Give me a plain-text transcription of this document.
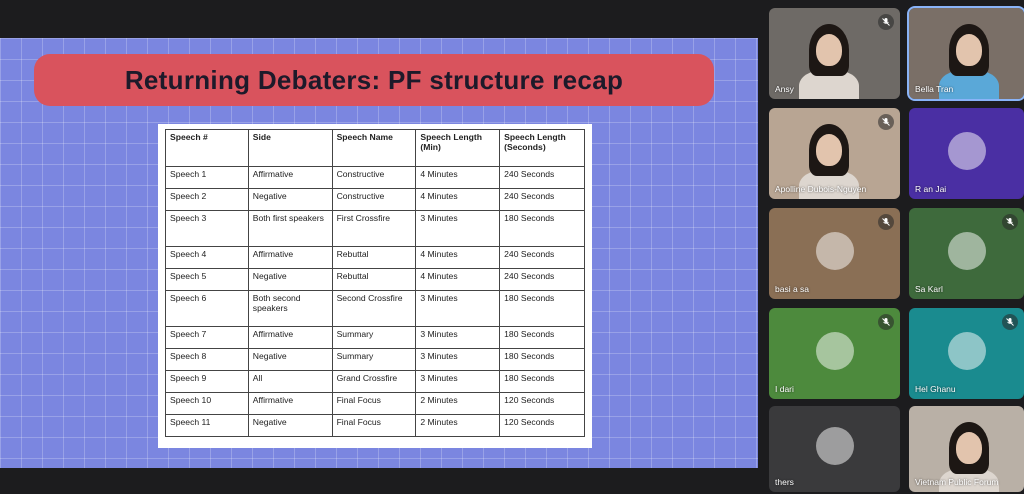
Returning Debaters: PF structure recap
Speech #	Side	Speech Name	Speech Length (Min)	Speech Length (Seconds)
Speech 1	Affirmative	Constructive	4 Minutes	240 Seconds
Speech 2	Negative	Constructive	4 Minutes	240 Seconds
Speech 3	Both first speakers	First Crossfire	3 Minutes	180 Seconds
Speech 4	Affirmative	Rebuttal	4 Minutes	240 Seconds
Speech 5	Negative	Rebuttal	4 Minutes	240 Seconds
Speech 6	Both second speakers	Second Crossfire	3 Minutes	180 Seconds
Speech 7	Affirmative	Summary	3 Minutes	180 Seconds
Speech 8	Negative	Summary	3 Minutes	180 Seconds
Speech 9	All	Grand Crossfire	3 Minutes	180 Seconds
Speech 10	Affirmative	Final Focus	2 Minutes	120 Seconds
Speech 11	Negative	Final Focus	2 Minutes	120 Seconds
Ansy	Bella Tran
Apolline Dubois-Nguyen	R an Jai
basi a sa	Sa Karl
I dari	Hel Ghanu
thers	Vietnam Public Forum
